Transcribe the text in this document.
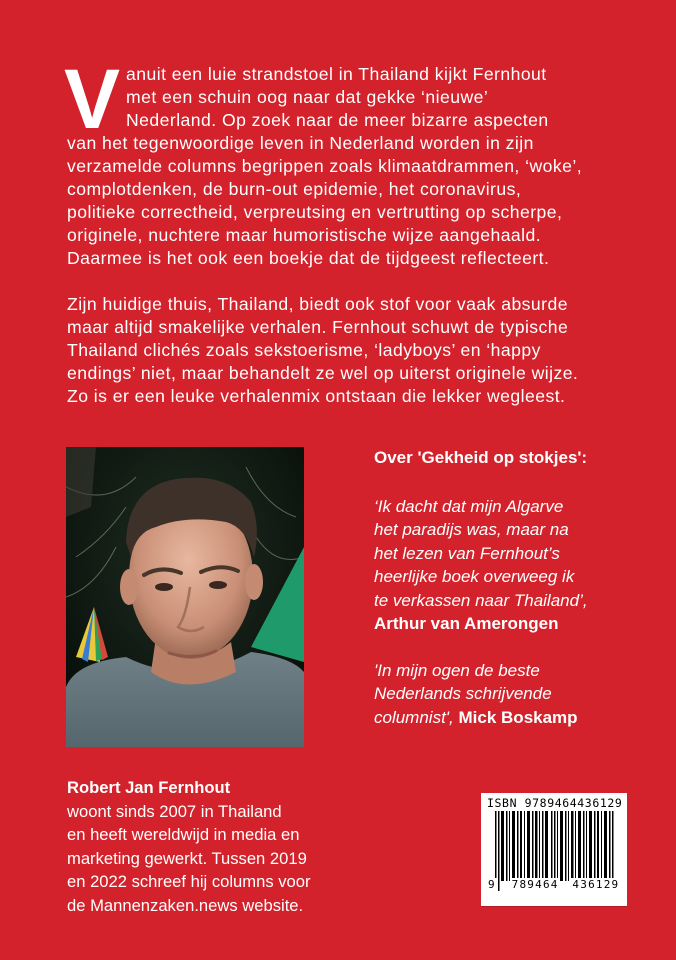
V anuit een luie strandstoel in Thailand kijkt Fernhout
met een schuin oog naar dat gekke ‘nieuwe’
Nederland. Op zoek naar de meer bizarre aspecten
van het tegenwoordige leven in Nederland worden in zijn
verzamelde columns begrippen zoals klimaatdrammen, ‘woke’,
complotdenken, de burn-out epidemie, het coronavirus,
politieke correctheid, verpreutsing en vertrutting op scherpe,
originele, nuchtere maar humoristische wijze aangehaald.
Daarmee is het ook een boekje dat de tijdgeest reflecteert.
Zijn huidige thuis, Thailand, biedt ook stof voor vaak absurde
maar altijd smakelijke verhalen. Fernhout schuwt de typische
Thailand clichés zoals sekstoerisme, ‘ladyboys’ en ‘happy
endings’ niet, maar behandelt ze wel op uiterst originele wijze.
Zo is er een leuke verhalenmix ontstaan die lekker wegleest.
Over 'Gekheid op stokjes':
‘Ik dacht dat mijn Algarve
het paradijs was, maar na
het lezen van Fernhout’s
heerlijke boek overweeg ik
te verkassen naar Thailand’,
Arthur van Amerongen
'In mijn ogen de beste
Nederlands schrijvende
columnist', Mick Boskamp
Robert Jan Fernhout
woont sinds 2007 in Thailand
en heeft wereldwijd in media en
marketing gewerkt. Tussen 2019
en 2022 schreef hij columns voor
de Mannenzaken.news website.
ISBN 9789464436129
9 789464 436129
